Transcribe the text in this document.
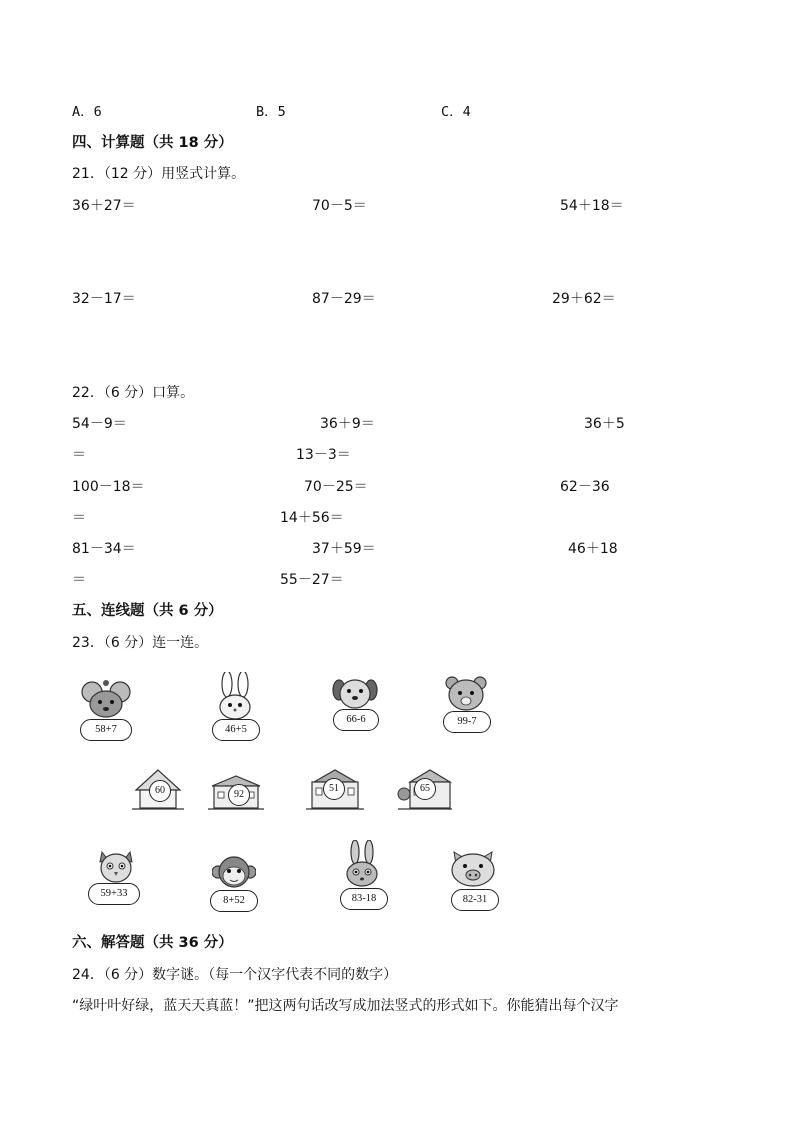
A．6	B．5	C．4
四、计算题（共 18 分）
21．（12 分）用竖式计算。
36＋27＝	70－5＝	54＋18＝
32－17＝	87－29＝	29＋62＝
22．（6 分）口算。
54－9＝	36＋9＝	36＋5
＝	13－3＝
100－18＝	70－25＝	62－36
＝	14＋56＝
81－34＝	37＋59＝	46＋18
＝	55－27＝
五、连线题（共 6 分）
23．（6 分）连一连。
58+7	46+5
66-6	99-7
60	92
51	65
59+33
8+52	83-18	82-31
六、解答题（共 36 分）
24．（6 分）数字谜。（每一个汉字代表不同的数字）
“绿叶叶好绿，蓝天天真蓝！”把这两句话改写成加法竖式的形式如下。你能猜出每个汉字
